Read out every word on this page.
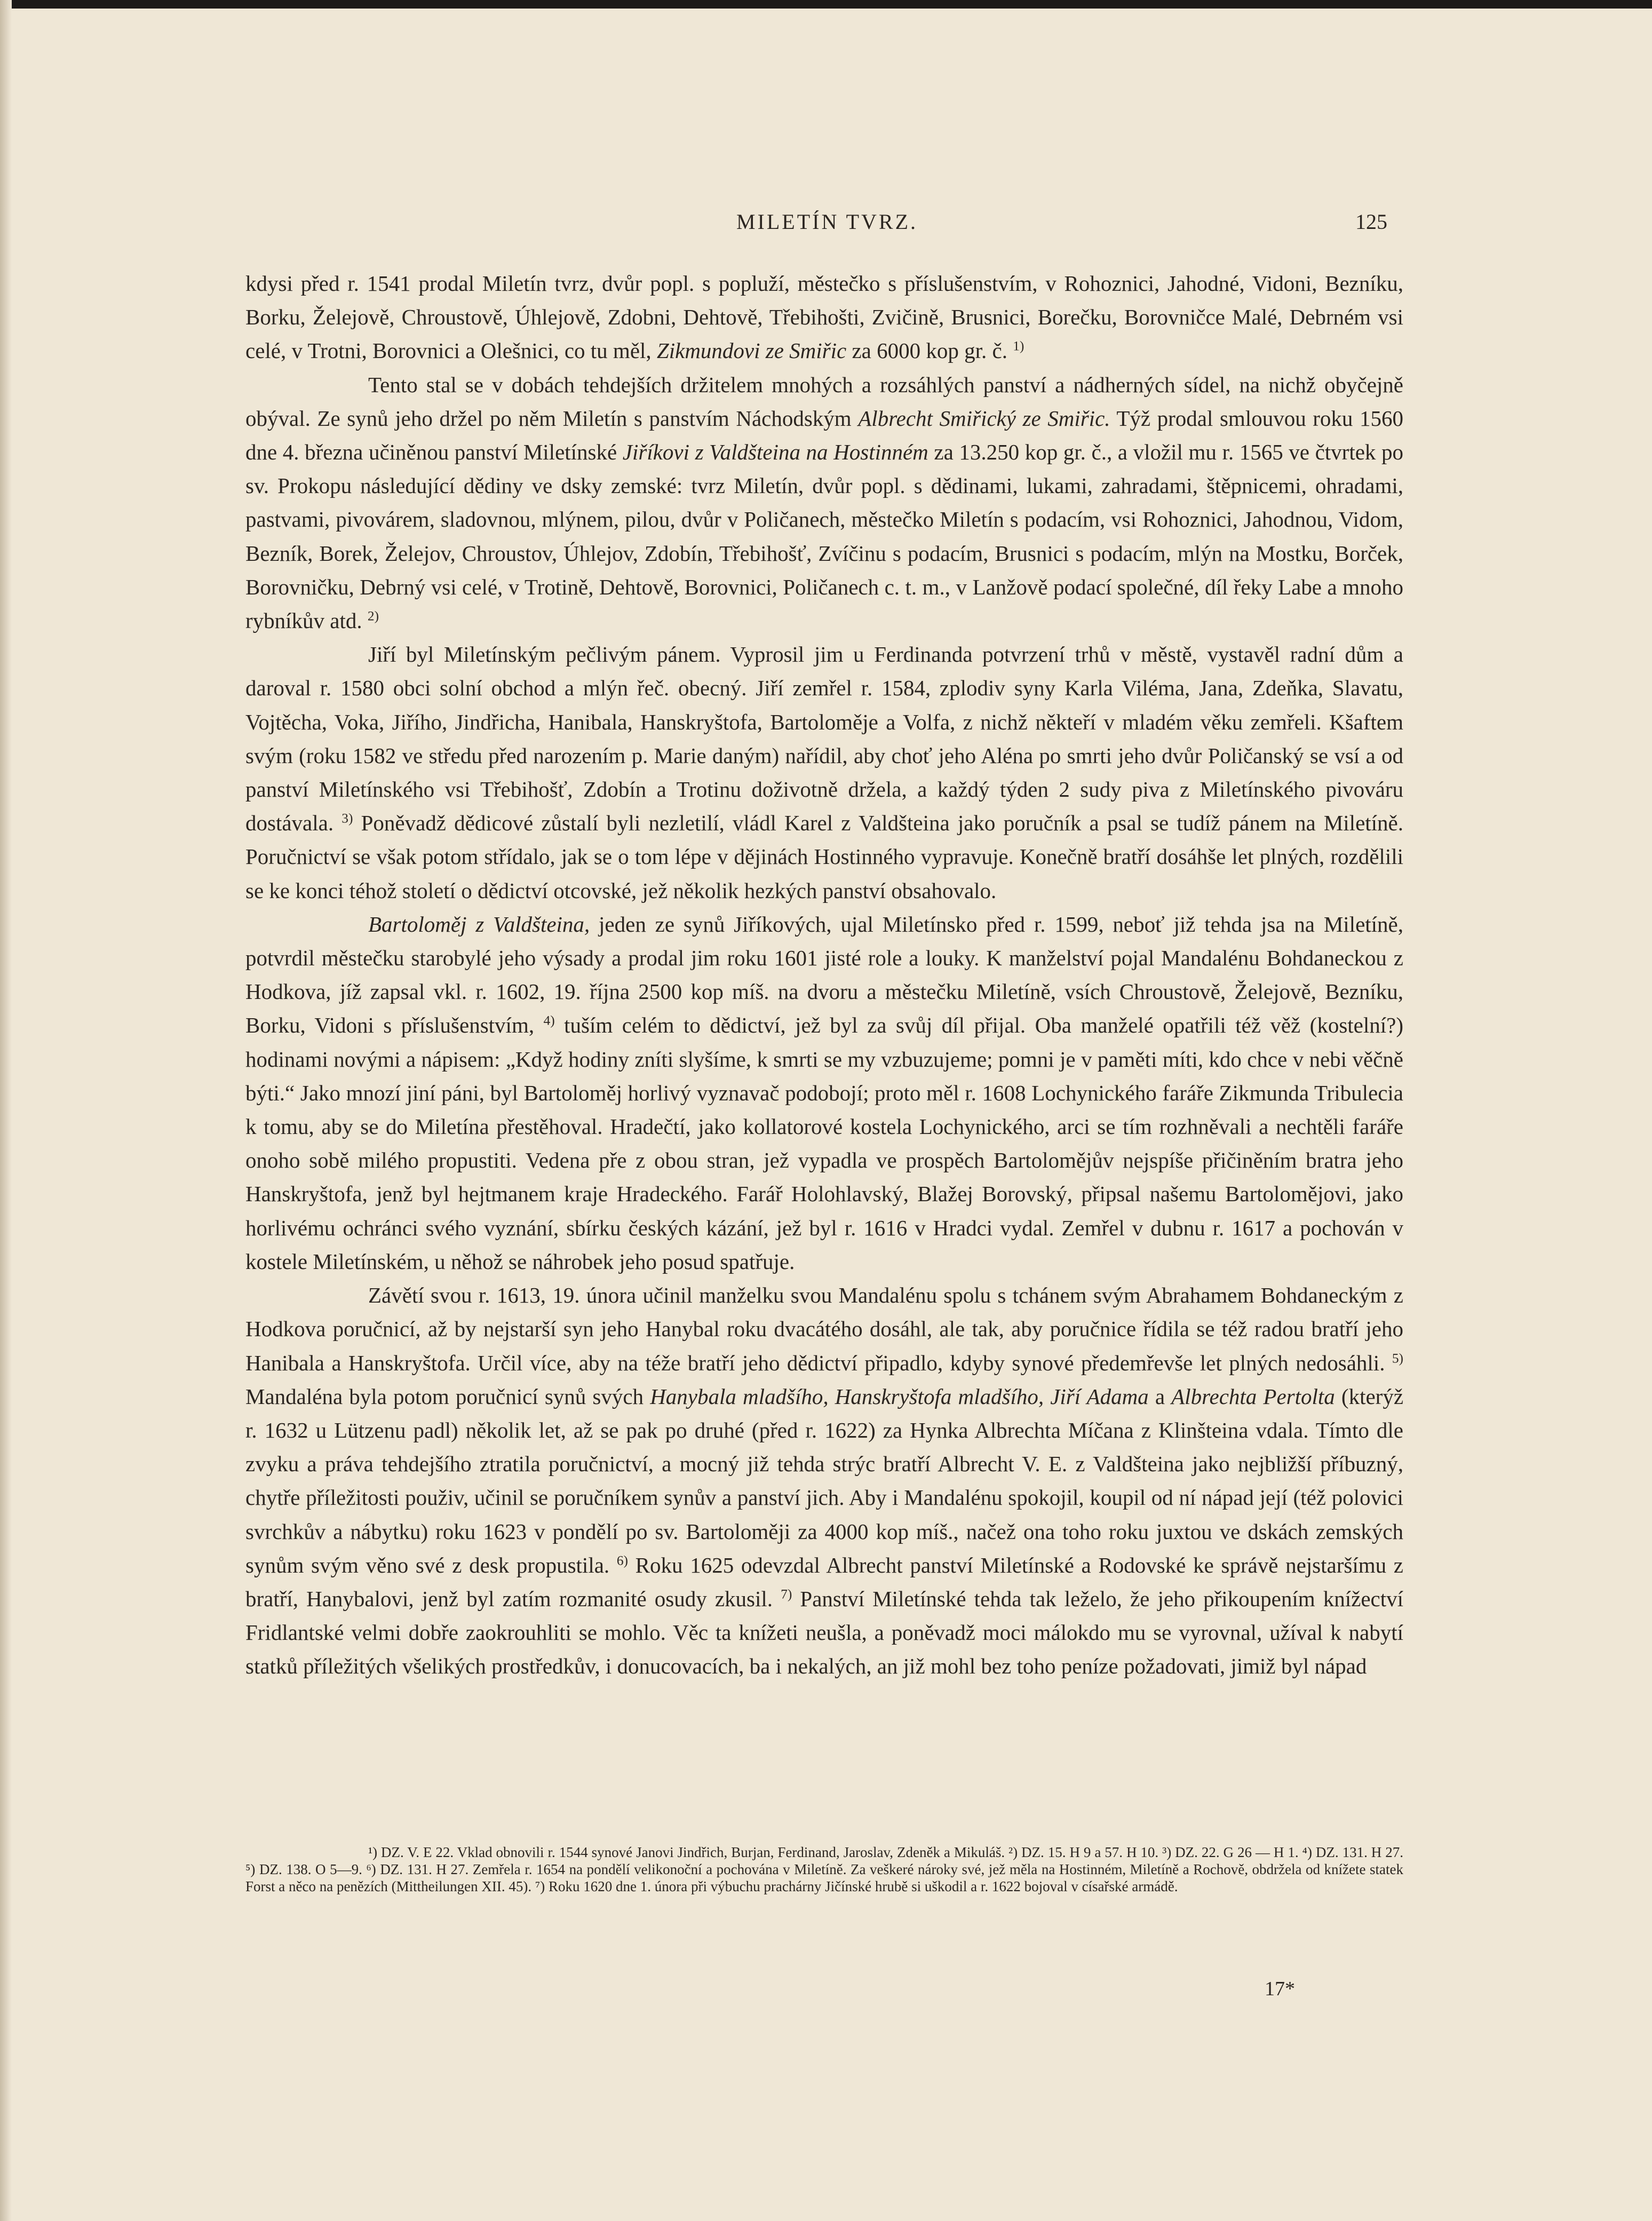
MILETÍN TVRZ.	125

kdysi před r. 1541 prodal Miletín tvrz, dvůr popl. s popluží, městečko s příslušenstvím, v Rohoznici, Jahodné, Vidoni, Bezníku, Borku, Želejově, Chroustově, Úhlejově, Zdobni, Dehtově, Třebihošti, Zvičině, Brusnici, Borečku, Borovničce Malé, Debrném vsi celé, v Trotni, Borovnici a Olešnici, co tu měl, Zikmundovi ze Smiřic za 6000 kop gr. č. $^{1)}$

Tento stal se v dobách tehdejších držitelem mnohých a rozsáhlých panství a nádherných sídel, na nichž obyčejně obýval. Ze synů jeho držel po něm Miletín s panstvím Náchodským Albrecht Smiřický ze Smiřic. Týž prodal smlouvou roku 1560 dne 4. března učiněnou panství Miletínské Jiříkovi z Valdšteina na Hostinném za 13.250 kop gr. č., a vložil mu r. 1565 ve čtvrtek po sv. Prokopu následující dědiny ve dsky zemské: tvrz Miletín, dvůr popl. s dědinami, lukami, zahradami, štěpnicemi, ohradami, pastvami, pivovárem, sladovnou, mlýnem, pilou, dvůr v Poličanech, městečko Miletín s podacím, vsi Rohoznici, Jahodnou, Vidom, Bezník, Borek, Želejov, Chroustov, Úhlejov, Zdobín, Třebihošť, Zvíčinu s podacím, Brusnici s podacím, mlýn na Mostku, Borček, Borovničku, Debrný vsi celé, v Trotině, Dehtově, Borovnici, Poličanech c. t. m., v Lanžově podací společné, díl řeky Labe a mnoho rybníkův atd. $^{2)}$

Jiří byl Miletínským pečlivým pánem. Vyprosil jim u Ferdinanda potvrzení trhů v městě, vystavěl radní dům a daroval r. 1580 obci solní obchod a mlýn řeč. obecný. Jiří zemřel r. 1584, zplodiv syny Karla Viléma, Jana, Zdeňka, Slavatu, Vojtěcha, Voka, Jiřího, Jindřicha, Hanibala, Hanskryštofa, Bartoloměje a Volfa, z nichž někteří v mladém věku zemřeli. Kšaftem svým (roku 1582 ve středu před narozením p. Marie daným) nařídil, aby choť jeho Aléna po smrti jeho dvůr Poličanský se vsí a od panství Miletínského vsi Třebihošť, Zdobín a Trotinu doživotně držela, a každý týden 2 sudy piva z Miletínského pivováru dostávala. $^{3)}$ Poněvadž dědicové zůstalí byli nezletilí, vládl Karel z Valdšteina jako poručník a psal se tudíž pánem na Miletíně. Poručnictví se však potom střídalo, jak se o tom lépe v dějinách Hostinného vypravuje. Konečně bratří dosáhše let plných, rozdělili se ke konci téhož století o dědictví otcovské, jež několik hezkých panství obsahovalo.

Bartoloměj z Valdšteina, jeden ze synů Jiříkových, ujal Miletínsko před r. 1599, neboť již tehda jsa na Miletíně, potvrdil městečku starobylé jeho výsady a prodal jim roku 1601 jisté role a louky. K manželství pojal Mandalénu Bohdaneckou z Hodkova, jíž zapsal vkl. r. 1602, 19. října 2500 kop míš. na dvoru a městečku Miletíně, vsích Chroustově, Želejově, Bezníku, Borku, Vidoni s příslušenstvím, $^{4)}$ tuším celém to dědictví, jež byl za svůj díl přijal. Oba manželé opatřili též věž (kostelní?) hodinami novými a nápisem: „Když hodiny zníti slyšíme, k smrti se my vzbuzujeme; pomni je v paměti míti, kdo chce v nebi věčně býti.“ Jako mnozí jiní páni, byl Bartoloměj horlivý vyznavač podobojí; proto měl r. 1608 Lochynického faráře Zikmunda Tribulecia k tomu, aby se do Miletína přestěhoval. Hradečtí, jako kollatorové kostela Lochynického, arci se tím rozhněvali a nechtěli faráře onoho sobě milého propustiti. Vedena pře z obou stran, jež vypadla ve prospěch Bartolomějův nejspíše přičiněním bratra jeho Hanskryštofa, jenž byl hejtmanem kraje Hradeckého. Farář Holohlavský, Blažej Borovský, připsal našemu Bartolomějovi, jako horlivému ochránci svého vyznání, sbírku českých kázání, jež byl r. 1616 v Hradci vydal. Zemřel v dubnu r. 1617 a pochován v kostele Miletínském, u něhož se náhrobek jeho posud spatřuje.

Závětí svou r. 1613, 19. února učinil manželku svou Mandalénu spolu s tchánem svým Abrahamem Bohdaneckým z Hodkova poručnicí, až by nejstarší syn jeho Hanybal roku dvacátého dosáhl, ale tak, aby poručnice řídila se též radou bratří jeho Hanibala a Hanskryštofa. Určil více, aby na téže bratří jeho dědictví připadlo, kdyby synové předemřevše let plných nedosáhli. $^{5)}$ Mandaléna byla potom poručnicí synů svých Hanybala mladšího, Hanskryštofa mladšího, Jiří Adama a Albrechta Pertolta (kterýž r. 1632 u Lützenu padl) několik let, až se pak po druhé (před r. 1622) za Hynka Albrechta Míčana z Klinšteina vdala. Tímto dle zvyku a práva tehdejšího ztratila poručnictví, a mocný již tehda strýc bratří Albrecht V. E. z Valdšteina jako nejbližší příbuzný, chytře příležitosti použiv, učinil se poručníkem synův a panství jich. Aby i Mandalénu spokojil, koupil od ní nápad její (též polovici svrchkův a nábytku) roku 1623 v pondělí po sv. Bartoloměji za 4000 kop míš., načež ona toho roku juxtou ve dskách zemských synům svým věno své z desk propustila. $^{6)}$ Roku 1625 odevzdal Albrecht panství Miletínské a Rodovské ke správě nejstaršímu z bratří, Hanybalovi, jenž byl zatím rozmanité osudy zkusil. $^{7)}$ Panství Miletínské tehda tak leželo, že jeho přikoupením knížectví Fridlantské velmi dobře zaokrouhliti se mohlo. Věc ta knížeti neušla, a poněvadž moci málokdo mu se vyrovnal, užíval k nabytí statků příležitých všelikých prostředkův, i donucovacích, ba i nekalých, an již mohl bez toho peníze požadovati, jimiž byl nápad

¹) DZ. V. E 22. Vklad obnovili r. 1544 synové Janovi Jindřich, Burjan, Ferdinand, Jaroslav, Zdeněk a Mikuláš. ²) DZ. 15. H 9 a 57. H 10. ³) DZ. 22. G 26 — H 1. ⁴) DZ. 131. H 27. ⁵) DZ. 138. O 5—9. ⁶) DZ. 131. H 27. Zemřela r. 1654 na pondělí velikonoční a pochována v Miletíně. Za veškeré nároky své, jež měla na Hostinném, Miletíně a Rochově, obdržela od knížete statek Forst a něco na penězích (Mittheilungen XII. 45). ⁷) Roku 1620 dne 1. února při výbuchu prachárny Jičínské hrubě si uškodil a r. 1622 bojoval v císařské armádě.
17*
